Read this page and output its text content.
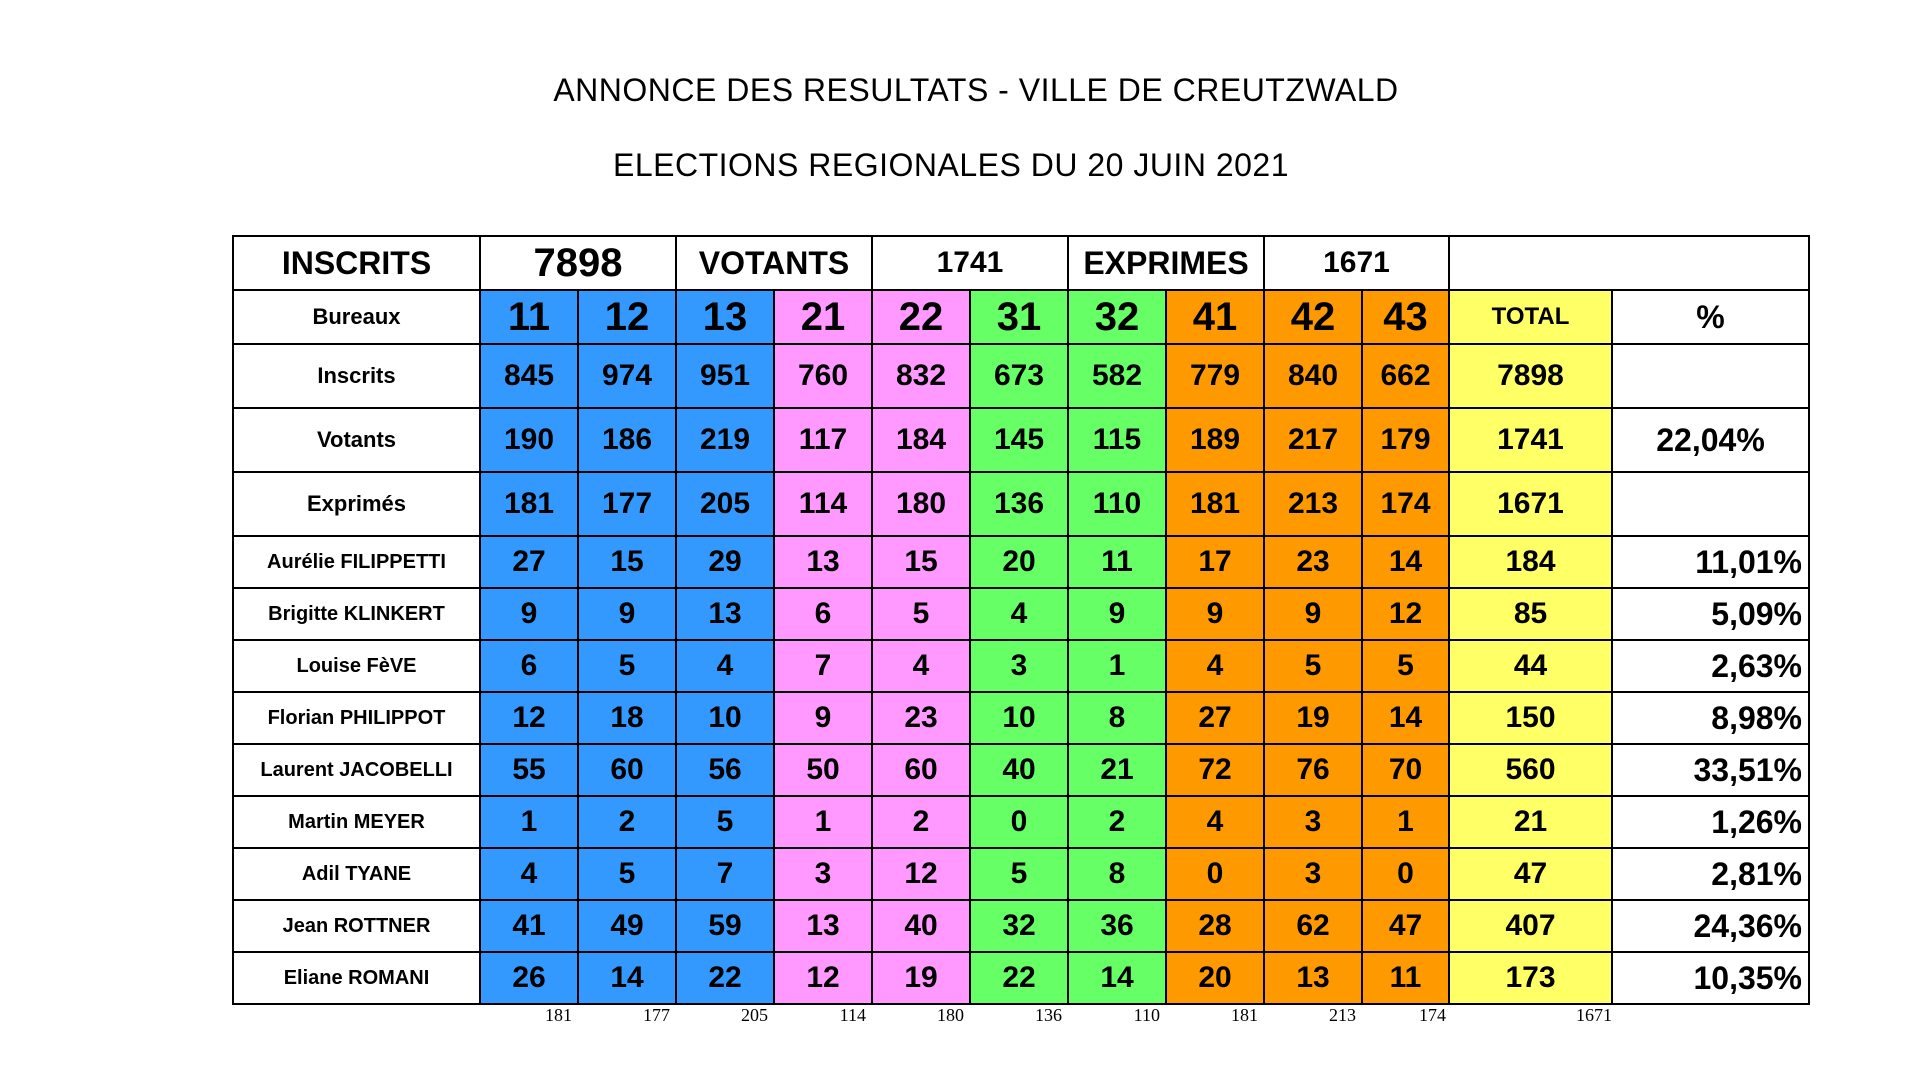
ANNONCE DES RESULTATS - VILLE DE CREUTZWALD
ELECTIONS REGIONALES DU 20 JUIN 2021
INSCRITS	7898		VOTANTS		1741		EXPRIMES		1671			
Bureaux	11	12	13	21	22	31	32	41	42	43	TOTAL	%
Inscrits	845	974	951	760	832	673	582	779	840	662	7898	
Votants	190	186	219	117	184	145	115	189	217	179	1741	22,04%
Exprimés	181	177	205	114	180	136	110	181	213	174	1671	
Aurélie FILIPPETTI	27	15	29	13	15	20	11	17	23	14	184	11,01%
Brigitte KLINKERT	9	9	13	6	5	4	9	9	9	12	85	5,09%
Louise FèVE	6	5	4	7	4	3	1	4	5	5	44	2,63%
Florian PHILIPPOT	12	18	10	9	23	10	8	27	19	14	150	8,98%
Laurent JACOBELLI	55	60	56	50	60	40	21	72	76	70	560	33,51%
Martin MEYER	1	2	5	1	2	0	2	4	3	1	21	1,26%
Adil TYANE	4	5	7	3	12	5	8	0	3	0	47	2,81%
Jean ROTTNER	41	49	59	13	40	32	36	28	62	47	407	24,36%
Eliane ROMANI	26	14	22	12	19	22	14	20	13	11	173	10,35%
181	177	205	114	180	136	110	181	213	174	1671
